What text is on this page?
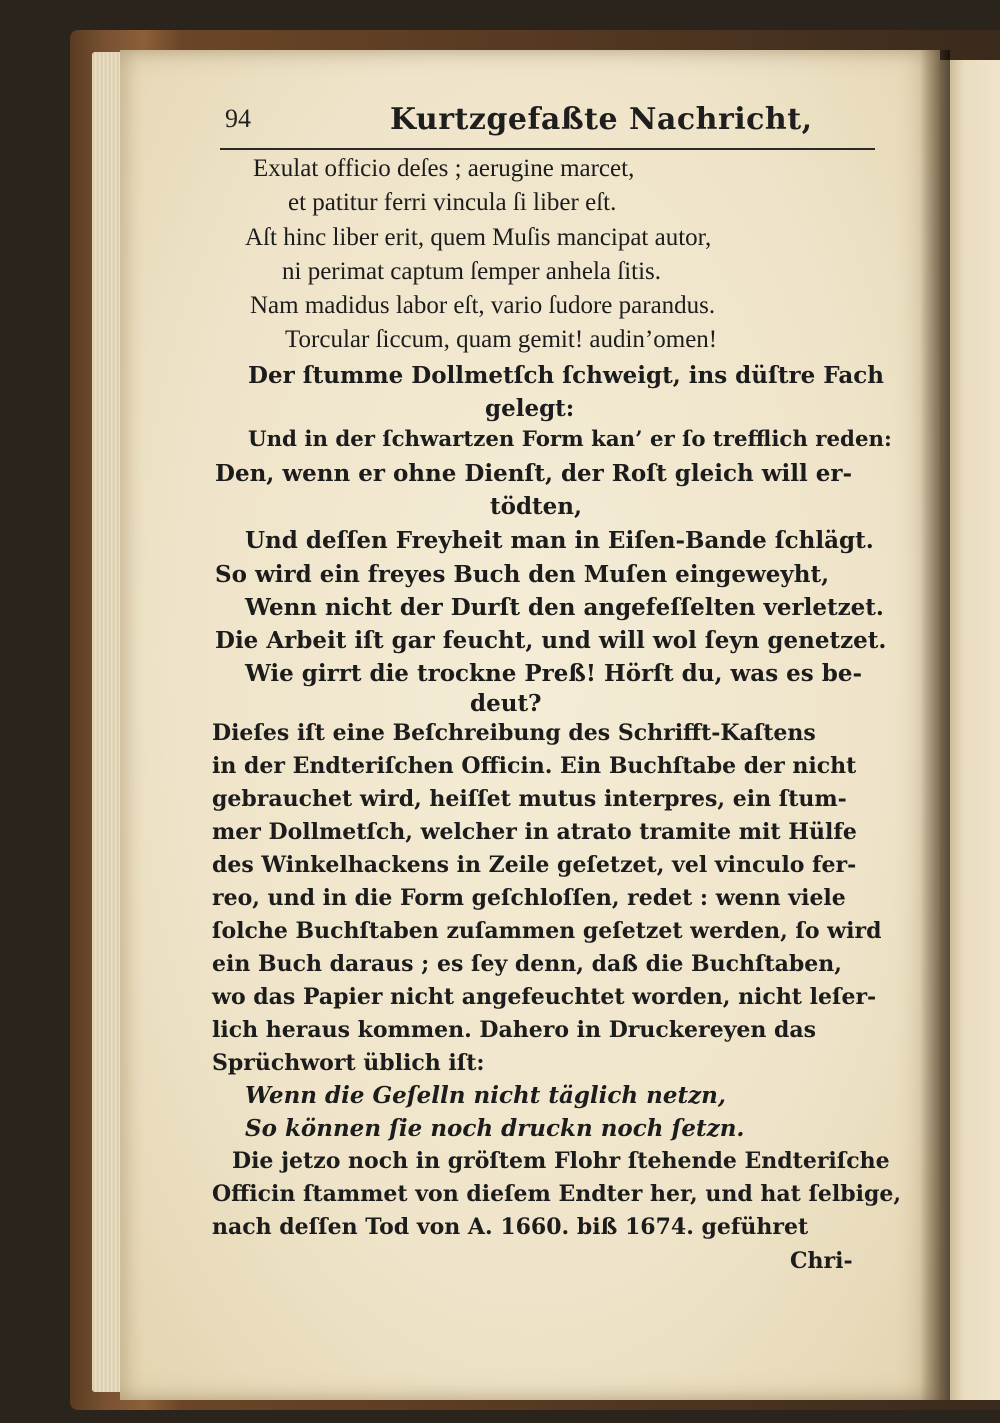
94	Kurtzgefaßte Nachricht,
Exulat officio deſes ; aerugine marcet,
et patitur ferri vincula ſi liber eſt.
Aſt hinc liber erit, quem Muſis mancipat autor,
ni perimat captum ſemper anhela ſitis.
Nam madidus labor eſt, vario ſudore parandus.
Torcular ſiccum, quam gemit! audin’omen!
Der ſtumme Dollmetſch ſchweigt, ins düſtre Fach
gelegt:
Und in der ſchwartzen Form kan’ er ſo trefflich reden:
Den, wenn er ohne Dienſt, der Roſt gleich will er-
tödten,
Und deſſen Freyheit man in Eiſen-Bande ſchlägt.
So wird ein freyes Buch den Muſen eingeweyht,
Wenn nicht der Durſt den angefeſſelten verletzet.
Die Arbeit iſt gar feucht, und will wol ſeyn genetzet.
Wie girrt die trockne Preß! Hörſt du, was es be-
deut?
Dieſes iſt eine Beſchreibung des Schrifft-Kaſtens
in der Endteriſchen Officin. Ein Buchſtabe der nicht
gebrauchet wird, heiſſet mutus interpres, ein ſtum-
mer Dollmetſch, welcher in atrato tramite mit Hülfe
des Winkelhackens in Zeile geſetzet, vel vinculo fer-
reo, und in die Form geſchloſſen, redet : wenn viele
ſolche Buchſtaben zuſammen geſetzet werden, ſo wird
ein Buch daraus ; es ſey denn, daß die Buchſtaben,
wo das Papier nicht angefeuchtet worden, nicht leſer-
lich heraus kommen. Dahero in Druckereyen das
Sprüchwort üblich iſt:
Wenn die Geſelln nicht täglich netzn,
So können ſie noch druckn noch ſetzn.
Die jetzo noch in gröſtem Flohr ſtehende Endteriſche
Officin ſtammet von dieſem Endter her, und hat ſelbige,
nach deſſen Tod von A. 1660. biß 1674. geführet
Chri-
